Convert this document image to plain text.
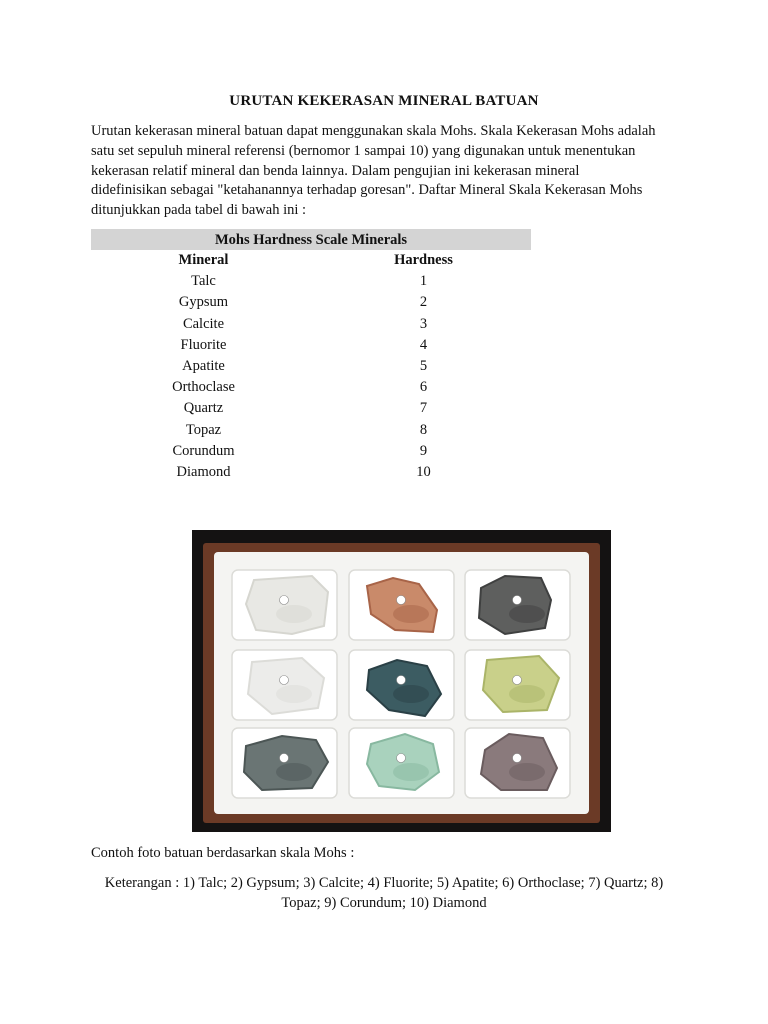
URUTAN KEKERASAN MINERAL BATUAN

Urutan kekerasan mineral batuan dapat menggunakan skala Mohs. Skala Kekerasan Mohs adalah
satu set sepuluh mineral referensi (bernomor 1 sampai 10) yang digunakan untuk menentukan
kekerasan relatif mineral dan benda lainnya. Dalam pengujian ini kekerasan mineral
didefinisikan sebagai "ketahanannya terhadap goresan". Daftar Mineral Skala Kekerasan Mohs
ditunjukkan pada tabel di bawah ini :

Mohs Hardness Scale Minerals
Mineral	Hardness
Talc	1
Gypsum	2
Calcite	3
Fluorite	4
Apatite	5
Orthoclase	6
Quartz	7
Topaz	8
Corundum	9
Diamond	10
Contoh foto batuan berdasarkan skala Mohs :
Keterangan : 1) Talc; 2) Gypsum; 3) Calcite; 4) Fluorite; 5) Apatite; 6) Orthoclase; 7) Quartz; 8)
Topaz; 9) Corundum; 10) Diamond
